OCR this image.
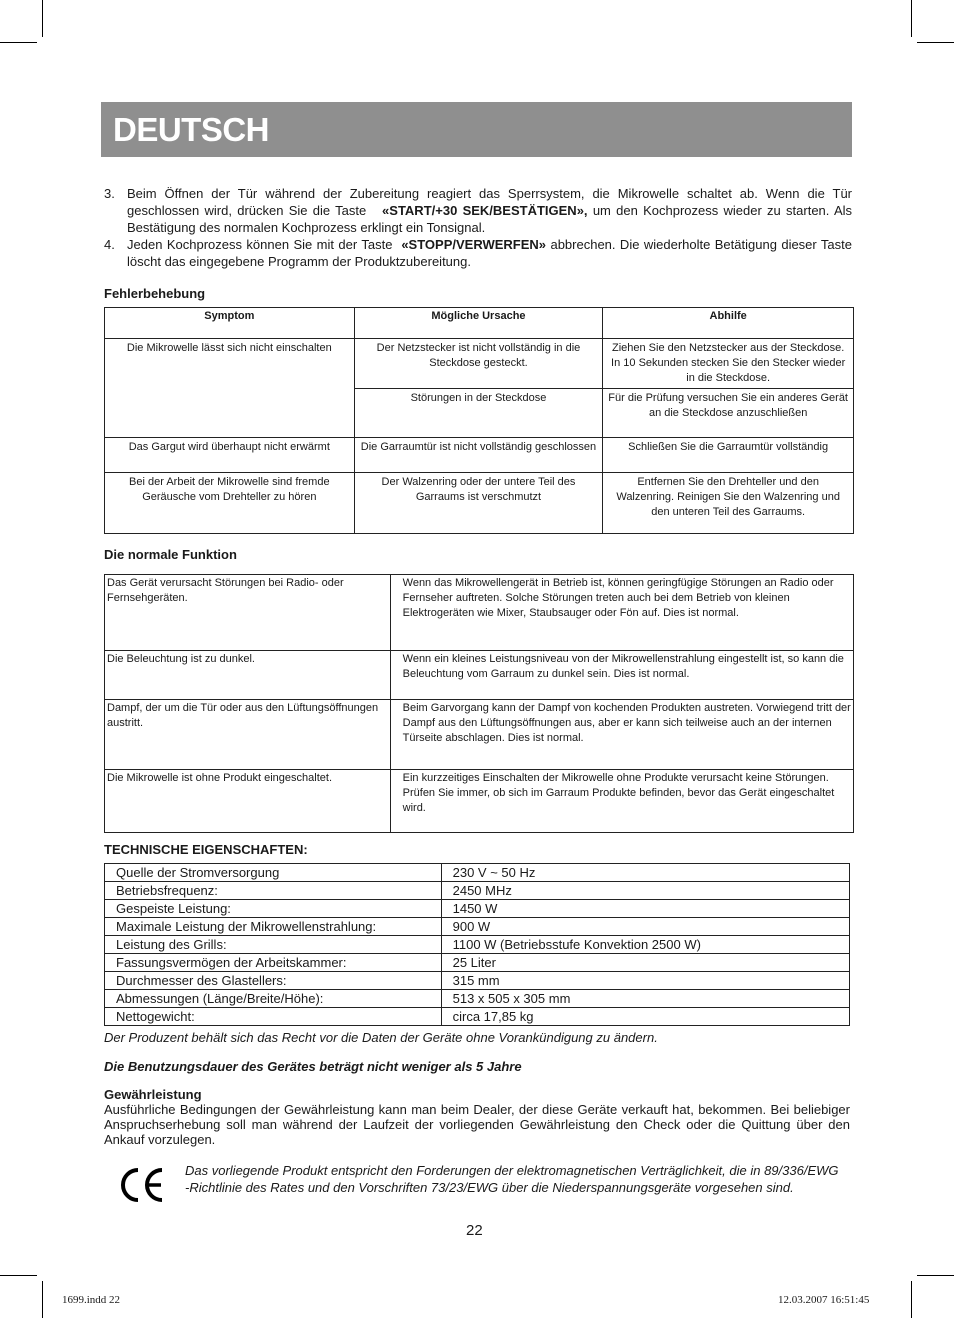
DEUTSCH
3. Beim Öffnen der Tür während der Zubereitung reagiert das Sperrsystem, die Mikrowelle schaltet ab. Wenn die Tür geschlossen wird, drücken Sie die Taste «START/+30 SEK/BESTÄTIGEN», um den Kochprozess wieder zu starten. Als Bestätigung des normalen Kochprozess erklingt ein Tonsignal.
4. Jeden Kochprozess können Sie mit der Taste «STOPP/VERWERFEN» abbrechen. Die wiederholte Betätigung dieser Taste löscht das eingegebene Programm der Produktzubereitung.
Fehlerbehebung
Symptom	Mögliche Ursache	Abhilfe
Die Mikrowelle lässt sich nicht einschalten	Der Netzstecker ist nicht vollständig in die Steckdose gesteckt.	Ziehen Sie den Netzstecker aus der Steckdose. In 10 Sekunden stecken Sie den Stecker wieder in die Steckdose.
	Störungen in der Steckdose	Für die Prüfung versuchen Sie ein anderes Gerät an die Steckdose anzuschließen
Das Gargut wird überhaupt nicht erwärmt	Die Garraumtür ist nicht vollständig geschlossen	Schließen Sie die Garraumtür vollständig
Bei der Arbeit der Mikrowelle sind fremde Geräusche vom Drehteller zu hören	Der Walzenring oder der untere Teil des Garraums ist verschmutzt	Entfernen Sie den Drehteller und den Walzenring. Reinigen Sie den Walzenring und den unteren Teil des Garraums.
Die normale Funktion
Das Gerät verursacht Störungen bei Radio- oder Fernsehgeräten.	Wenn das Mikrowellengerät in Betrieb ist, können geringfügige Störungen an Radio oder Fernseher auftreten. Solche Störungen treten auch bei dem Betrieb von kleinen Elektrogeräten wie Mixer, Staubsauger oder Fön auf. Dies ist normal.
Die Beleuchtung ist zu dunkel.	Wenn ein kleines Leistungsniveau von der Mikrowellenstrahlung eingestellt ist, so kann die Beleuchtung vom Garraum zu dunkel sein. Dies ist normal.
Dampf, der um die Tür oder aus den Lüftungsöffnungen austritt.	Beim Garvorgang kann der Dampf von kochenden Produkten austreten. Vorwiegend tritt der Dampf aus den Lüftungsöffnungen aus, aber er kann sich teilweise auch an der internen Türseite abschlagen. Dies ist normal.
Die Mikrowelle ist ohne Produkt eingeschaltet.	Ein kurzzeitiges Einschalten der Mikrowelle ohne Produkte verursacht keine Störungen. Prüfen Sie immer, ob sich im Garraum Produkte befinden, bevor das Gerät eingeschaltet wird.
TECHNISCHE EIGENSCHAFTEN:
Quelle der Stromversorgung	230 V ~ 50 Hz
Betriebsfrequenz:	2450 MHz
Gespeiste Leistung:	1450 W
Maximale Leistung der Mikrowellenstrahlung:	900 W
Leistung des Grills:	1100 W (Betriebsstufe Konvektion 2500 W)
Fassungsvermögen der Arbeitskammer:	25 Liter
Durchmesser des Glastellers:	315 mm
Abmessungen (Länge/Breite/Höhe):	513 x 505 x 305 mm
Nettogewicht:	circa 17,85 kg
Der Produzent behält sich das Recht vor die Daten der Geräte ohne Vorankündigung zu ändern.
Die Benutzungsdauer des Gerätes beträgt nicht weniger als 5 Jahre
Gewährleistung
Ausführliche Bedingungen der Gewährleistung kann man beim Dealer, der diese Geräte verkauft hat, bekommen. Bei beliebiger Anspruchserhebung soll man während der Laufzeit der vorliegenden Gewährleistung den Check oder die Quittung über den Ankauf vorzulegen.
Das vorliegende Produkt entspricht den Forderungen der elektromagnetischen Verträglichkeit, die in 89/336/EWG -Richtlinie des Rates und den Vorschriften 73/23/EWG über die Niederspannungsgeräte vorgesehen sind.
22
1699.indd 22	12.03.2007 16:51:45
